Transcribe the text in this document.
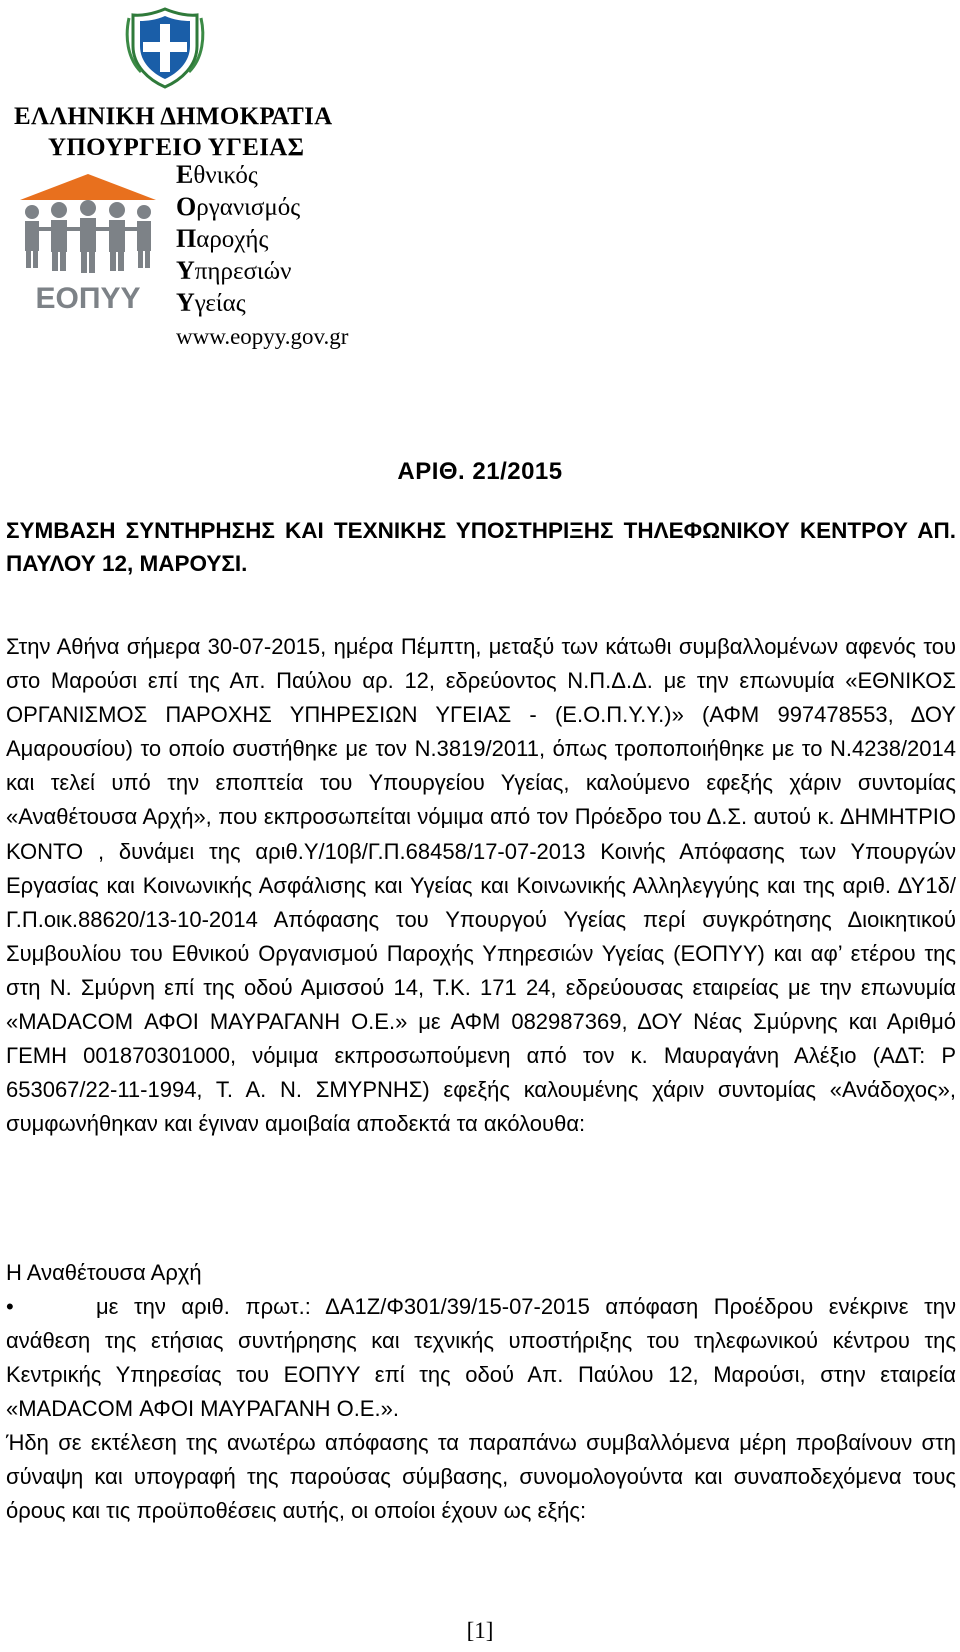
ΕΛΛΗΝΙΚΗ ΔΗΜΟΚΡΑΤΙΑ
ΥΠΟΥΡΓΕΙΟ ΥΓΕΙΑΣ
ΕΟΠΥΥ
Εθνικός
Οργανισμός
Παροχής
Υπηρεσιών
Υγείας
www.eopyy.gov.gr
ΑΡΙΘ. 21/2015
ΣΥΜΒΑΣΗ ΣΥΝΤΗΡΗΣΗΣ ΚΑΙ ΤΕΧΝΙΚΗΣ ΥΠΟΣΤΗΡΙΞΗΣ ΤΗΛΕΦΩΝΙΚΟΥ ΚΕΝΤΡΟΥ ΑΠ. ΠΑΥΛΟΥ 12, ΜΑΡΟΥΣΙ.
Στην Αθήνα σήμερα 30-07-2015, ημέρα Πέμπτη, μεταξύ των κάτωθι συμβαλλομένων αφενός του στο Μαρούσι επί της Απ. Παύλου αρ. 12, εδρεύοντος Ν.Π.Δ.Δ. με την επωνυμία «ΕΘΝΙΚΟΣ ΟΡΓΑΝΙΣΜΟΣ ΠΑΡΟΧΗΣ ΥΠΗΡΕΣΙΩΝ ΥΓΕΙΑΣ - (Ε.Ο.Π.Υ.Υ.)» (ΑΦΜ 997478553, ΔΟΥ Αμαρουσίου) το οποίο συστήθηκε με τον Ν.3819/2011, όπως τροποποιήθηκε με το Ν.4238/2014 και τελεί υπό την εποπτεία του Υπουργείου Υγείας, καλούμενο εφεξής χάριν συντομίας «Αναθέτουσα Αρχή», που εκπροσωπείται νόμιμα από τον Πρόεδρο του Δ.Σ. αυτού κ. ΔΗΜΗΤΡΙΟ ΚΟΝΤΟ , δυνάμει της αριθ.Υ/10β/Γ.Π.68458/17-07-2013 Κοινής Απόφασης των Υπουργών Εργασίας και Κοινωνικής Ασφάλισης και Υγείας και Κοινωνικής Αλληλεγγύης και της αριθ. ΔΥ1δ/Γ.Π.οικ.88620/13-10-2014 Απόφασης του Υπουργού Υγείας περί συγκρότησης Διοικητικού Συμβουλίου του Εθνικού Οργανισμού Παροχής Υπηρεσιών Υγείας (ΕΟΠΥΥ) και αφ’ ετέρου της στη Ν. Σμύρνη επί της οδού Αμισσού 14, Τ.Κ. 171 24, εδρεύουσας εταιρείας με την επωνυμία «MADACOM ΑΦΟΙ ΜΑΥΡΑΓΑΝΗ Ο.Ε.» με ΑΦΜ 082987369, ΔΟΥ Νέας Σμύρνης και Αριθμό ΓΕΜΗ 001870301000, νόμιμα εκπροσωπούμενη από τον κ. Μαυραγάνη Αλέξιο (ΑΔΤ: Ρ 653067/22-11-1994, Τ. Α. Ν. ΣΜΥΡΝΗΣ) εφεξής καλουμένης χάριν συντομίας «Ανάδοχος», συμφωνήθηκαν και έγιναν αμοιβαία αποδεκτά τα ακόλουθα:
Η Αναθέτουσα Αρχή
•	με την αριθ. πρωτ.: ΔΑ1Ζ/Φ301/39/15-07-2015 απόφαση Προέδρου ενέκρινε την ανάθεση της ετήσιας συντήρησης και τεχνικής υποστήριξης του τηλεφωνικού κέντρου της Κεντρικής Υπηρεσίας του ΕΟΠΥΥ επί της οδού Απ. Παύλου 12, Μαρούσι, στην εταιρεία «MADACOM ΑΦΟΙ ΜΑΥΡΑΓΑΝΗ Ο.Ε.».
Ήδη σε εκτέλεση της ανωτέρω απόφασης τα παραπάνω συμβαλλόμενα μέρη προβαίνουν στη σύναψη και υπογραφή της παρούσας σύμβασης, συνομολογούντα και συναποδεχόμενα τους όρους και τις προϋποθέσεις αυτής, οι οποίοι έχουν ως εξής:
[1]
